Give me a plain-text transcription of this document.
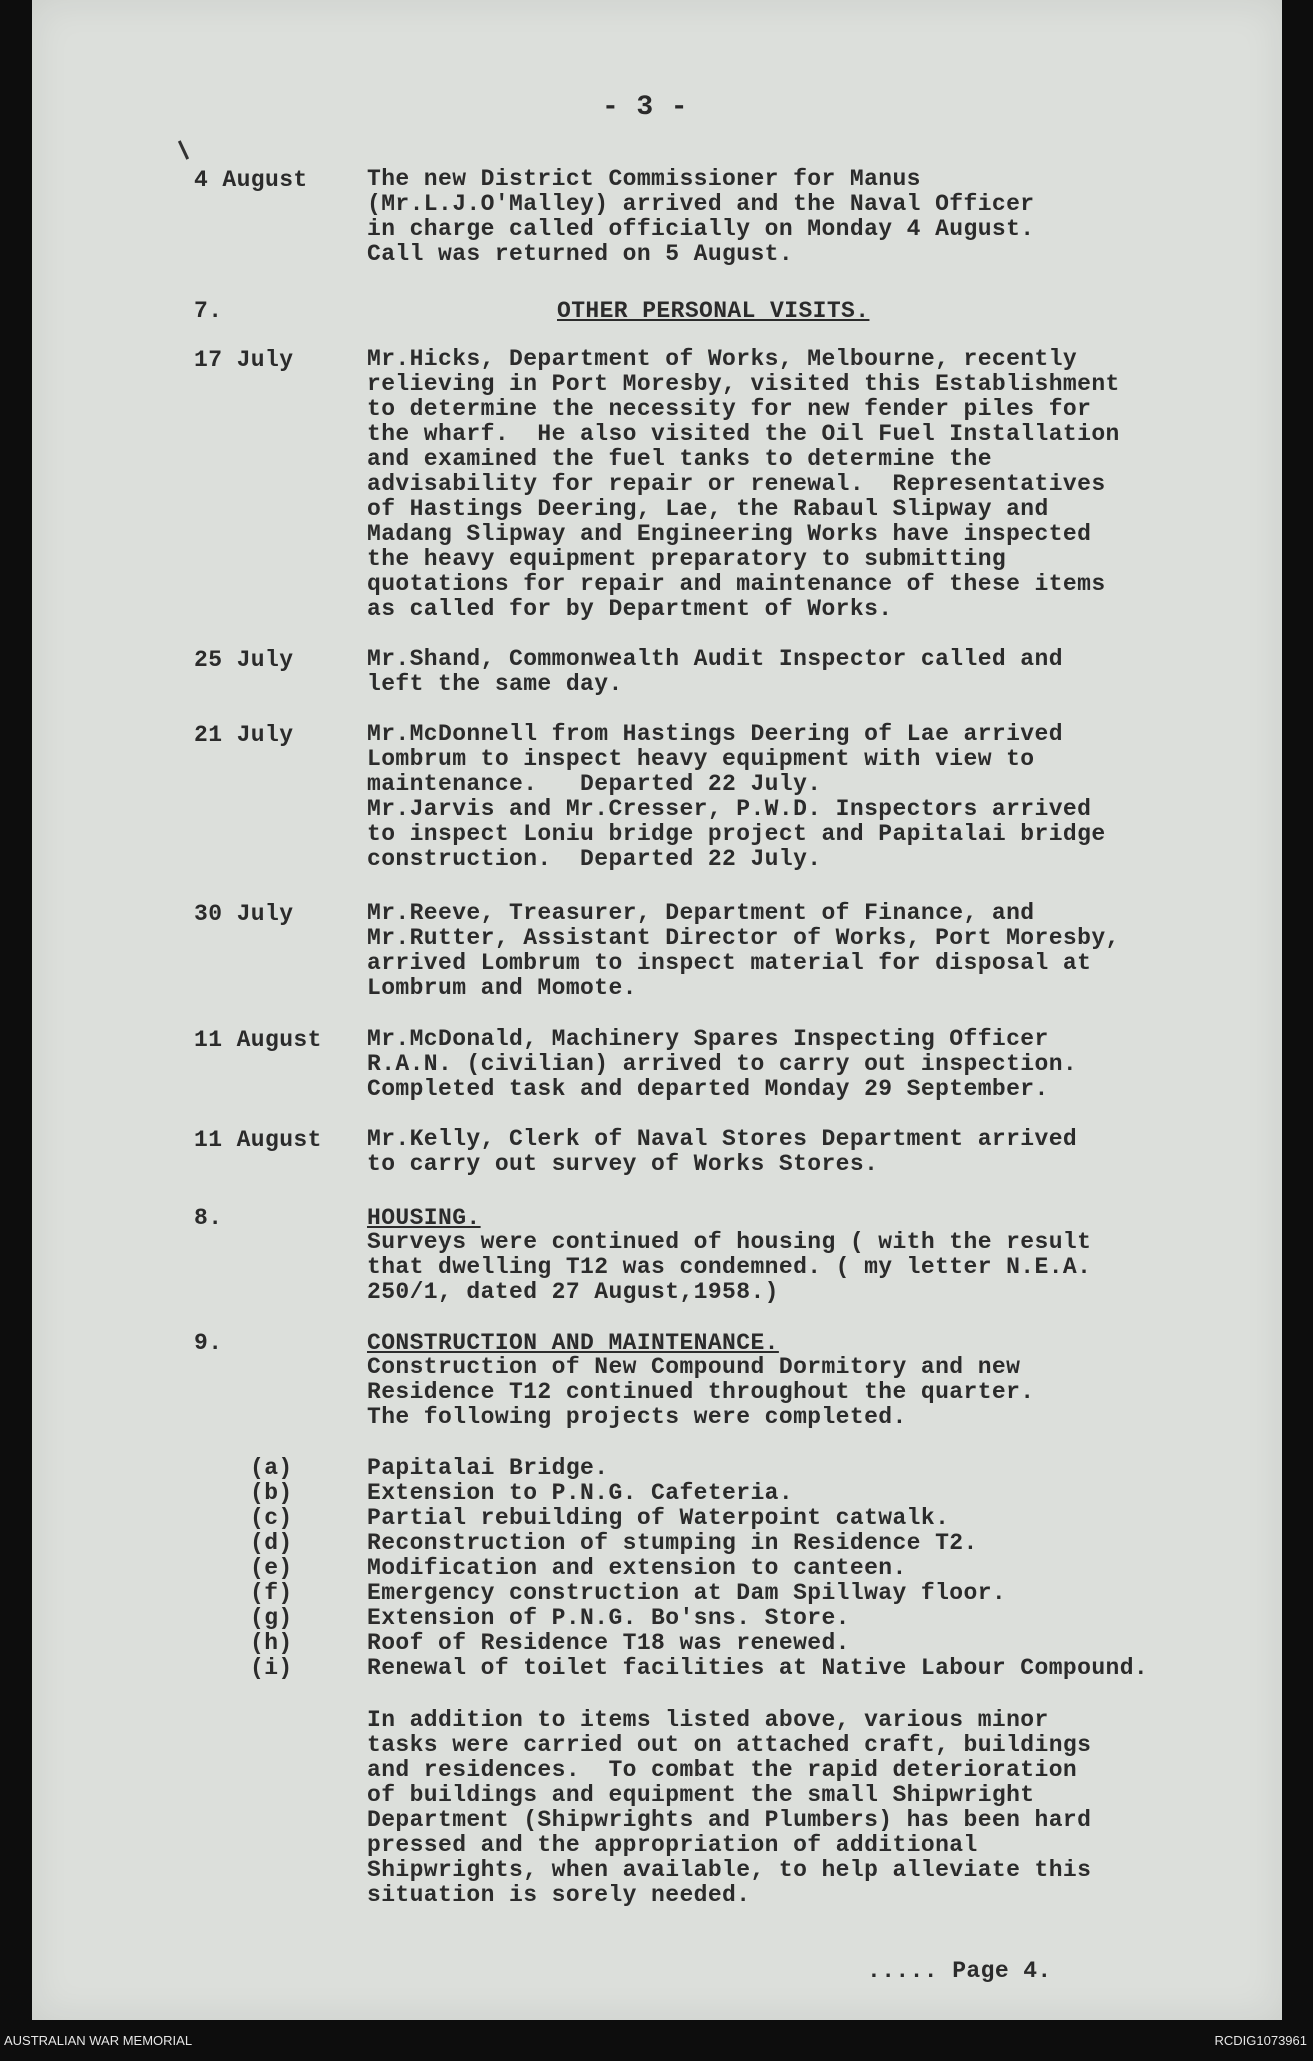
- 3 -
4 August	The new District Commissioner for Manus
(Mr.L.J.O'Malley) arrived and the Naval Officer
in charge called officially on Monday 4 August.
Call was returned on 5 August.
7.	OTHER PERSONAL VISITS.
17 July	Mr.Hicks, Department of Works, Melbourne, recently
relieving in Port Moresby, visited this Establishment
to determine the necessity for new fender piles for
the wharf.  He also visited the Oil Fuel Installation
and examined the fuel tanks to determine the
advisability for repair or renewal.  Representatives
of Hastings Deering, Lae, the Rabaul Slipway and
Madang Slipway and Engineering Works have inspected
the heavy equipment preparatory to submitting
quotations for repair and maintenance of these items
as called for by Department of Works.
25 July	Mr.Shand, Commonwealth Audit Inspector called and
left the same day.
21 July	Mr.McDonnell from Hastings Deering of Lae arrived
Lombrum to inspect heavy equipment with view to
maintenance.   Departed 22 July.
Mr.Jarvis and Mr.Cresser, P.W.D. Inspectors arrived
to inspect Loniu bridge project and Papitalai bridge
construction.  Departed 22 July.
30 July	Mr.Reeve, Treasurer, Department of Finance, and
Mr.Rutter, Assistant Director of Works, Port Moresby,
arrived Lombrum to inspect material for disposal at
Lombrum and Momote.
11 August Mr.McDonald, Machinery Spares Inspecting Officer
R.A.N. (civilian) arrived to carry out inspection.
Completed task and departed Monday 29 September.
11 August Mr.Kelly, Clerk of Naval Stores Department arrived
to carry out survey of Works Stores.
8.	HOUSING.
Surveys were continued of housing ( with the result
that dwelling T12 was condemned. ( my letter N.E.A.
250/1, dated 27 August,1958.)
9.	CONSTRUCTION AND MAINTENANCE.
Construction of New Compound Dormitory and new
Residence T12 continued throughout the quarter.
The following projects were completed.
(a)	Papitalai Bridge.
(b)	Extension to P.N.G. Cafeteria.
(c)	Partial rebuilding of Waterpoint catwalk.
(d)	Reconstruction of stumping in Residence T2.
(e)	Modification and extension to canteen.
(f)	Emergency construction at Dam Spillway floor.
(g)	Extension of P.N.G. Bo'sns. Store.
(h)	Roof of Residence T18 was renewed.
(i)	Renewal of toilet facilities at Native Labour Compound.
In addition to items listed above, various minor
tasks were carried out on attached craft, buildings
and residences.  To combat the rapid deterioration
of buildings and equipment the small Shipwright
Department (Shipwrights and Plumbers) has been hard
pressed and the appropriation of additional
Shipwrights, when available, to help alleviate this
situation is sorely needed.
..... Page 4.
AUSTRALIAN WAR MEMORIAL	RCDIG1073961
